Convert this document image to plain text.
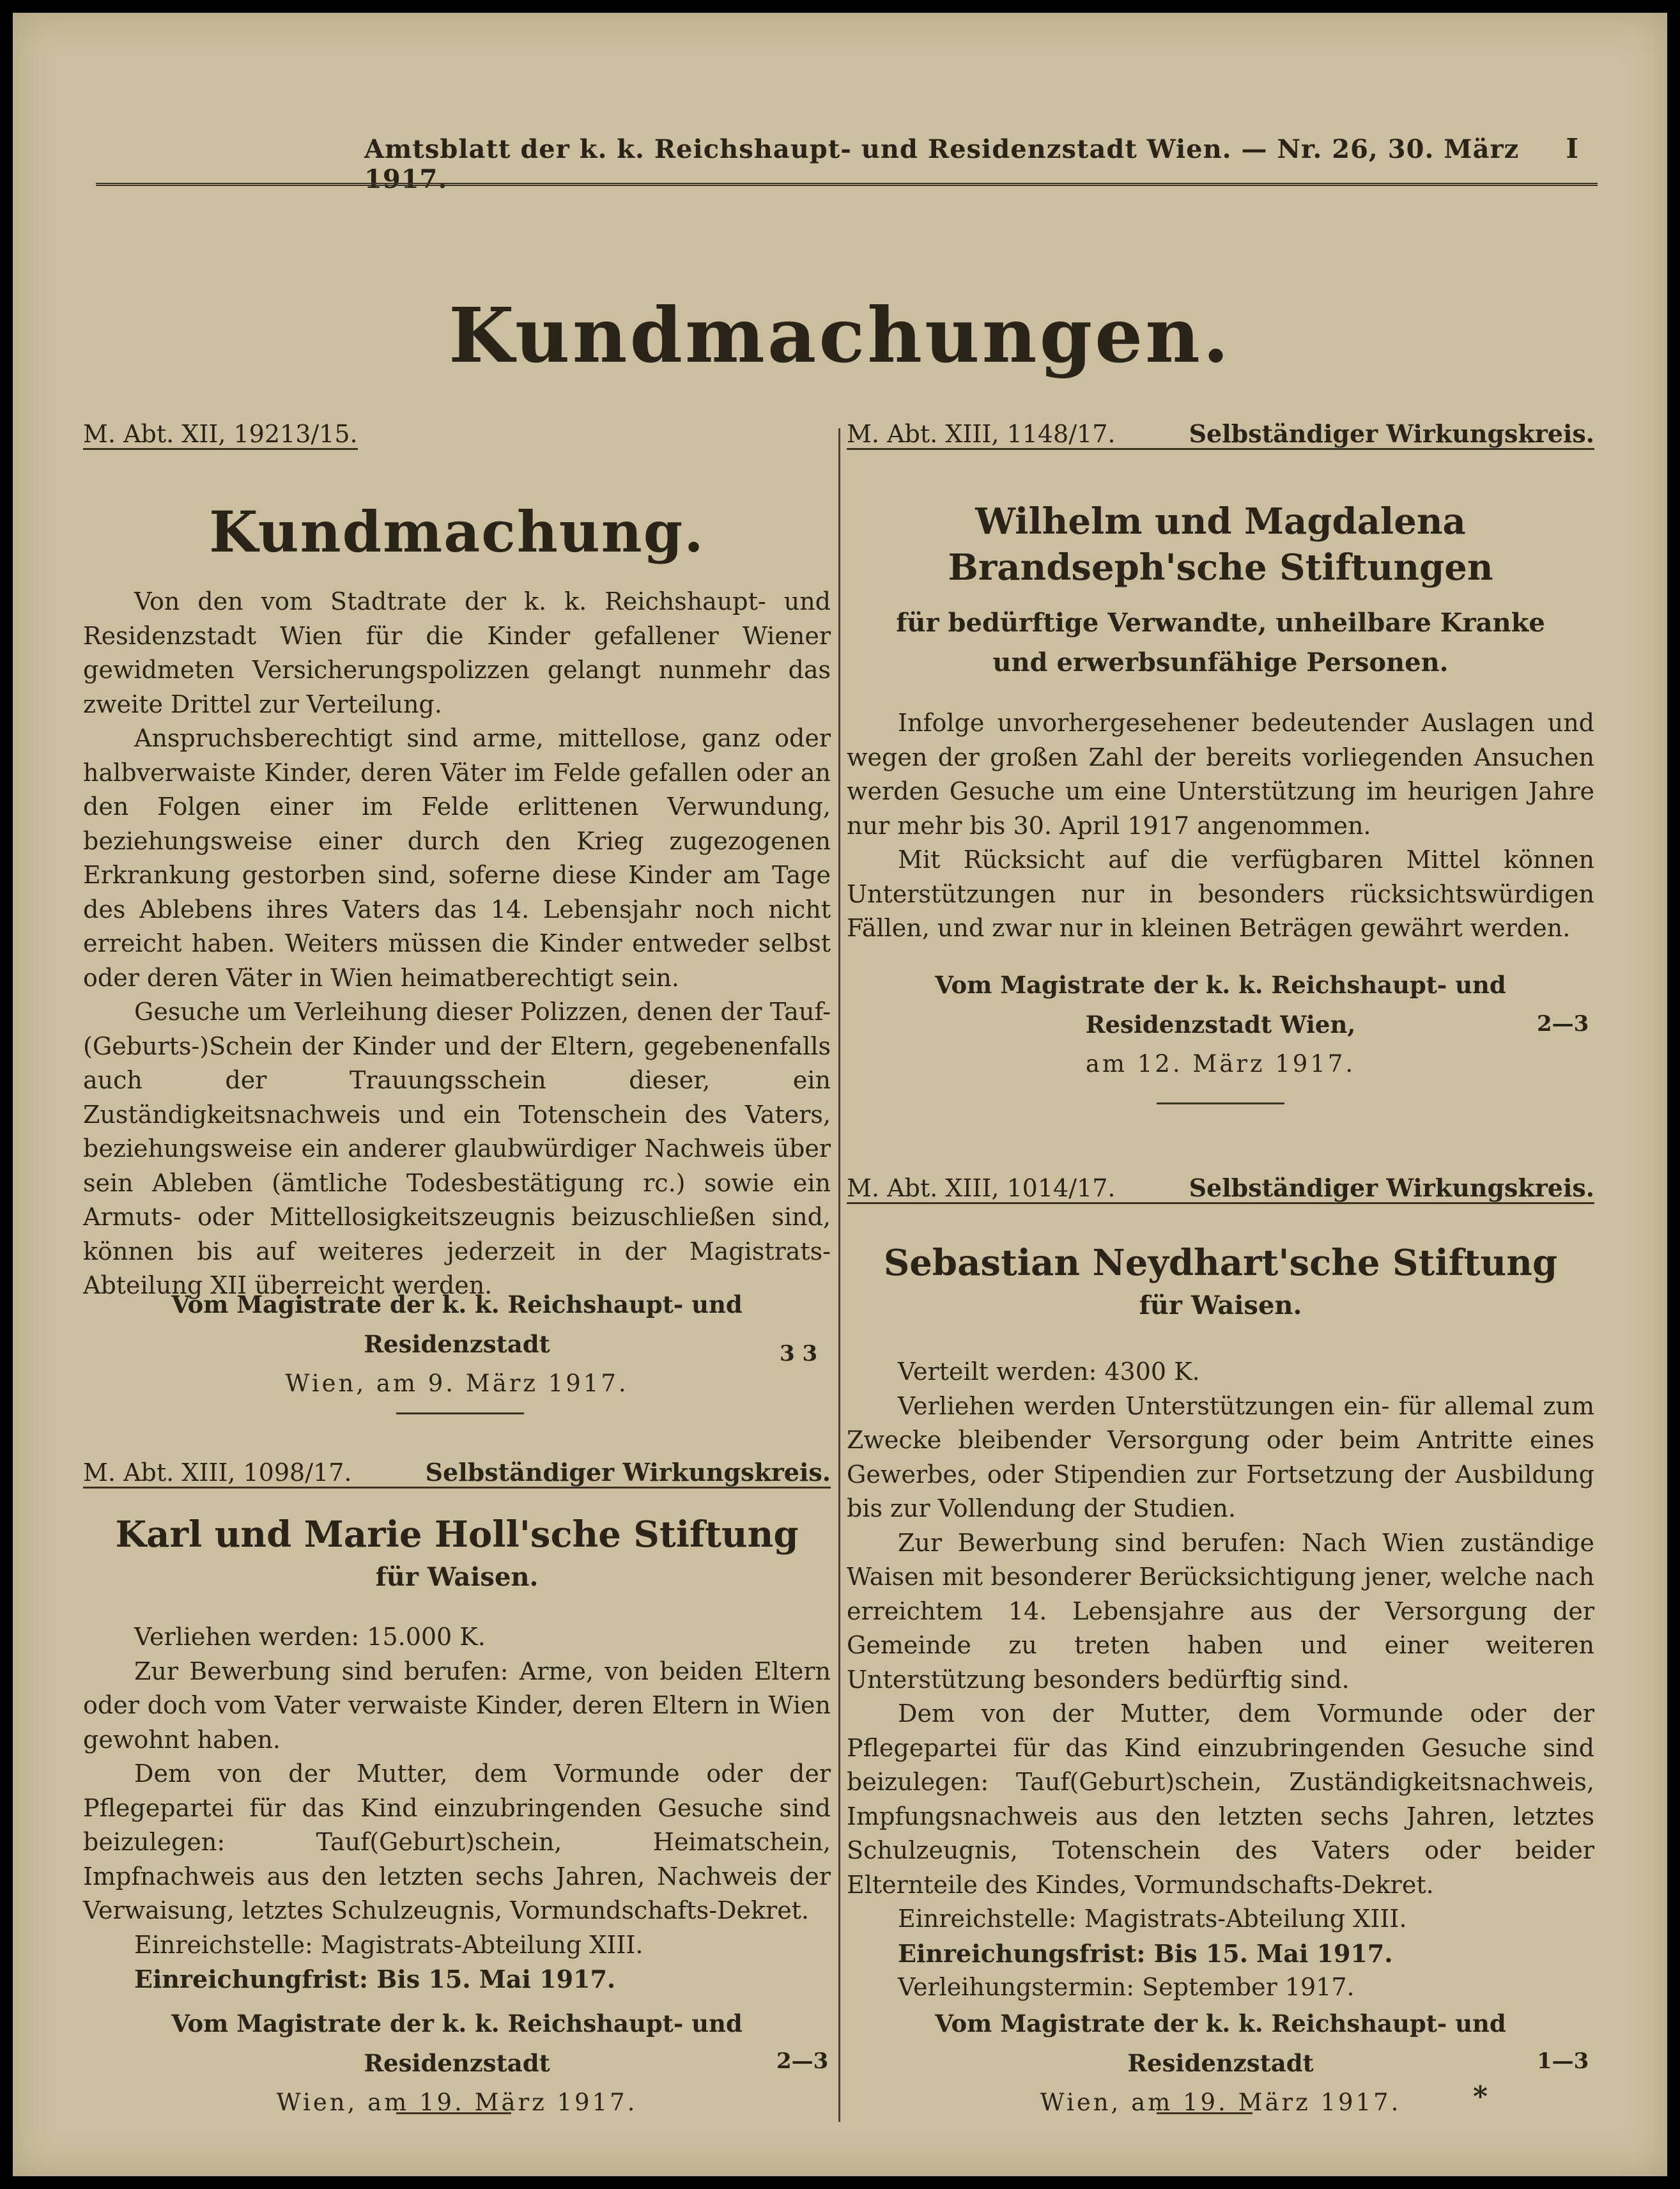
Amtsblatt der k. k. Reichshaupt- und Residenzstadt Wien. — Nr. 26, 30. März 1917.
I
Kundmachungen.
M. Abt. XII, 19213/15.
Kundmachung.

Von den vom Stadtrate der k. k. Reichshaupt- und Residenzstadt Wien für die Kinder gefallener Wiener gewidmeten Versicherungspolizzen gelangt nunmehr das zweite Drittel zur Verteilung.

Anspruchsberechtigt sind arme, mittellose, ganz oder halbverwaiste Kinder, deren Väter im Felde gefallen oder an den Folgen einer im Felde erlittenen Verwundung, beziehungsweise einer durch den Krieg zugezogenen Erkrankung gestorben sind, soferne diese Kinder am Tage des Ablebens ihres Vaters das 14. Lebensjahr noch nicht erreicht haben. Weiters müssen die Kinder entweder selbst oder deren Väter in Wien heimatberechtigt sein.

Gesuche um Verleihung dieser Polizzen, denen der Tauf-(Geburts-)Schein der Kinder und der Eltern, gegebenenfalls auch der Trauungsschein dieser, ein Zuständigkeitsnachweis und ein Totenschein des Vaters, beziehungsweise ein anderer glaubwürdiger Nachweis über sein Ableben (ämtliche Todesbestätigung rc.) sowie ein Armuts- oder Mittellosigkeitszeugnis beizuschließen sind, können bis auf weiteres jederzeit in der Magistrats-Abteilung XII überreicht werden.

Vom Magistrate der k. k. Reichshaupt- und Residenzstadt
Wien, am 9. März 1917.
3 3
M. Abt. XIII, 1098/17.	Selbständiger Wirkungskreis.
Karl und Marie Holl'sche Stiftung
für Waisen.

Verliehen werden: 15.000 K.

Zur Bewerbung sind berufen: Arme, von beiden Eltern oder doch vom Vater verwaiste Kinder, deren Eltern in Wien gewohnt haben.

Dem von der Mutter, dem Vormunde oder der Pflegepartei für das Kind einzubringenden Gesuche sind beizulegen: Tauf(Geburt)schein, Heimatschein, Impfnachweis aus den letzten sechs Jahren, Nachweis der Verwaisung, letztes Schulzeugnis, Vormundschafts-Dekret.

Einreichstelle: Magistrats-Abteilung XIII.

Einreichungfrist: Bis 15. Mai 1917.

Vom Magistrate der k. k. Reichshaupt- und Residenzstadt
Wien, am 19. März 1917.
2—3
M. Abt. XIII, 1148/17.	Selbständiger Wirkungskreis.
Wilhelm und Magdalena Brandseph'sche Stiftungen
für bedürftige Verwandte, unheilbare Kranke und erwerbsunfähige Personen.

Infolge unvorhergesehener bedeutender Auslagen und wegen der großen Zahl der bereits vorliegenden Ansuchen werden Gesuche um eine Unterstützung im heurigen Jahre nur mehr bis 30. April 1917 angenommen.

Mit Rücksicht auf die verfügbaren Mittel können Unterstützungen nur in besonders rücksichtswürdigen Fällen, und zwar nur in kleinen Beträgen gewährt werden.

Vom Magistrate der k. k. Reichshaupt- und Residenzstadt Wien,
am 12. März 1917.
2—3
M. Abt. XIII, 1014/17.	Selbständiger Wirkungskreis.
Sebastian Neydhart'sche Stiftung
für Waisen.

Verteilt werden: 4300 K.

Verliehen werden Unterstützungen ein- für allemal zum Zwecke bleibender Versorgung oder beim Antritte eines Gewerbes, oder Stipendien zur Fortsetzung der Ausbildung bis zur Vollendung der Studien.

Zur Bewerbung sind berufen: Nach Wien zuständige Waisen mit besonderer Berücksichtigung jener, welche nach erreichtem 14. Lebensjahre aus der Versorgung der Gemeinde zu treten haben und einer weiteren Unterstützung besonders bedürftig sind.

Dem von der Mutter, dem Vormunde oder der Pflegepartei für das Kind einzubringenden Gesuche sind beizulegen: Tauf(Geburt)schein, Zuständigkeitsnachweis, Impfungsnachweis aus den letzten sechs Jahren, letztes Schulzeugnis, Totenschein des Vaters oder beider Elternteile des Kindes, Vormundschafts-Dekret.

Einreichstelle: Magistrats-Abteilung XIII.

Einreichungsfrist: Bis 15. Mai 1917.

Verleihungstermin: September 1917.

Vom Magistrate der k. k. Reichshaupt- und Residenzstadt
Wien, am 19. März 1917.
1—3
*
